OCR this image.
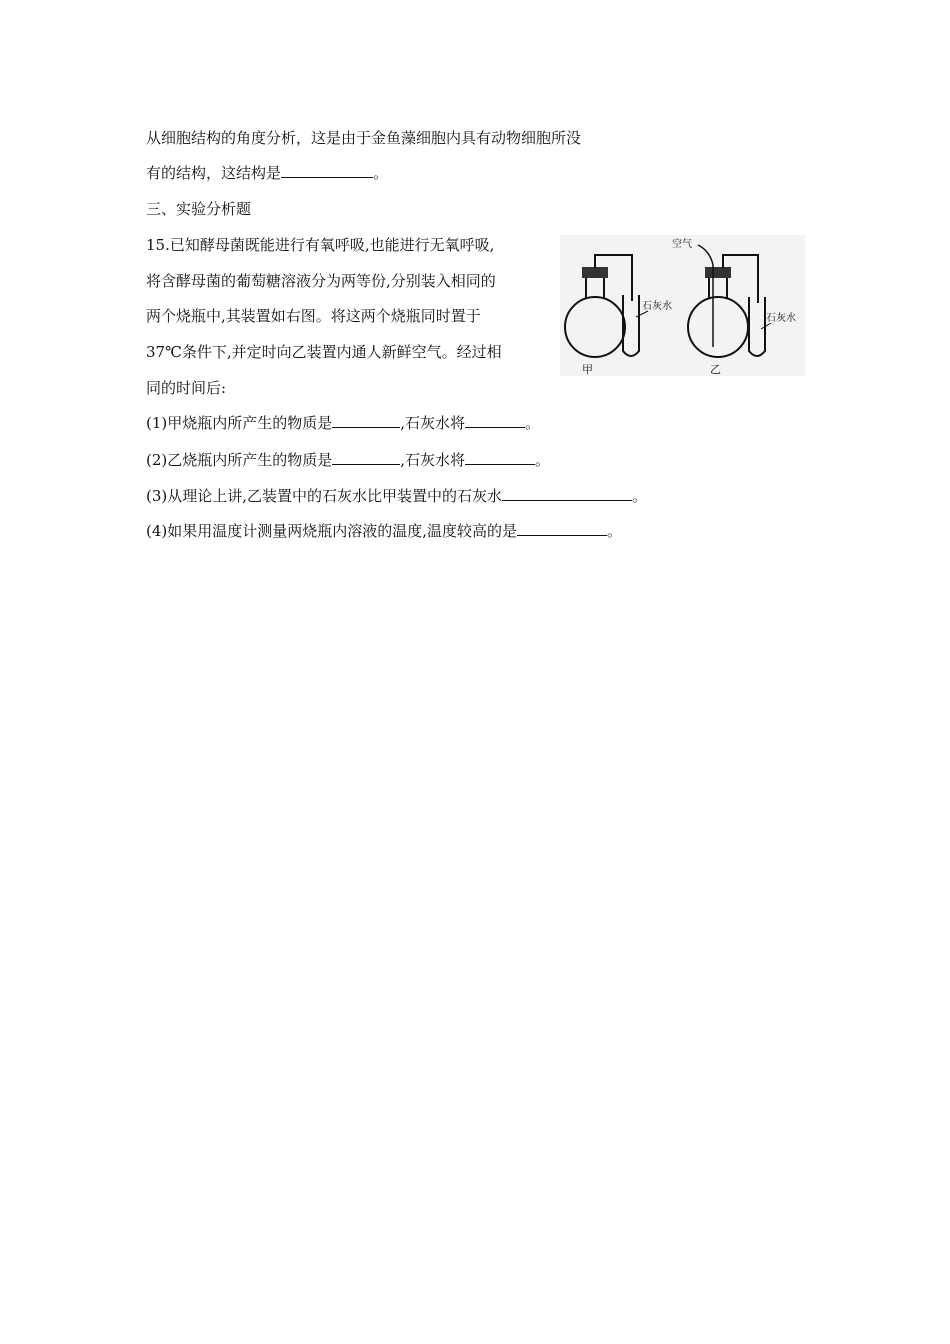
从细胞结构的角度分析，这是由于金鱼藻细胞内具有动物细胞所没
有的结构，这结构是	。
三、实验分析题
15.已知酵母菌既能进行有氧呼吸,也能进行无氧呼吸,
将含酵母菌的葡萄糖溶液分为两等份,分别装入相同的
两个烧瓶中,其装置如右图。将这两个烧瓶同时置于
37℃条件下,并定时向乙装置内通人新鲜空气。经过相
同的时间后:
(1)甲烧瓶内所产生的物质是	,石灰水将	。
(2)乙烧瓶内所产生的物质是	,石灰水将	。
(3)从理论上讲,乙装置中的石灰水比甲装置中的石灰水	。
(4)如果用温度计测量两烧瓶内溶液的温度,温度较高的是	。
石灰水
甲
空气
石灰水
乙
